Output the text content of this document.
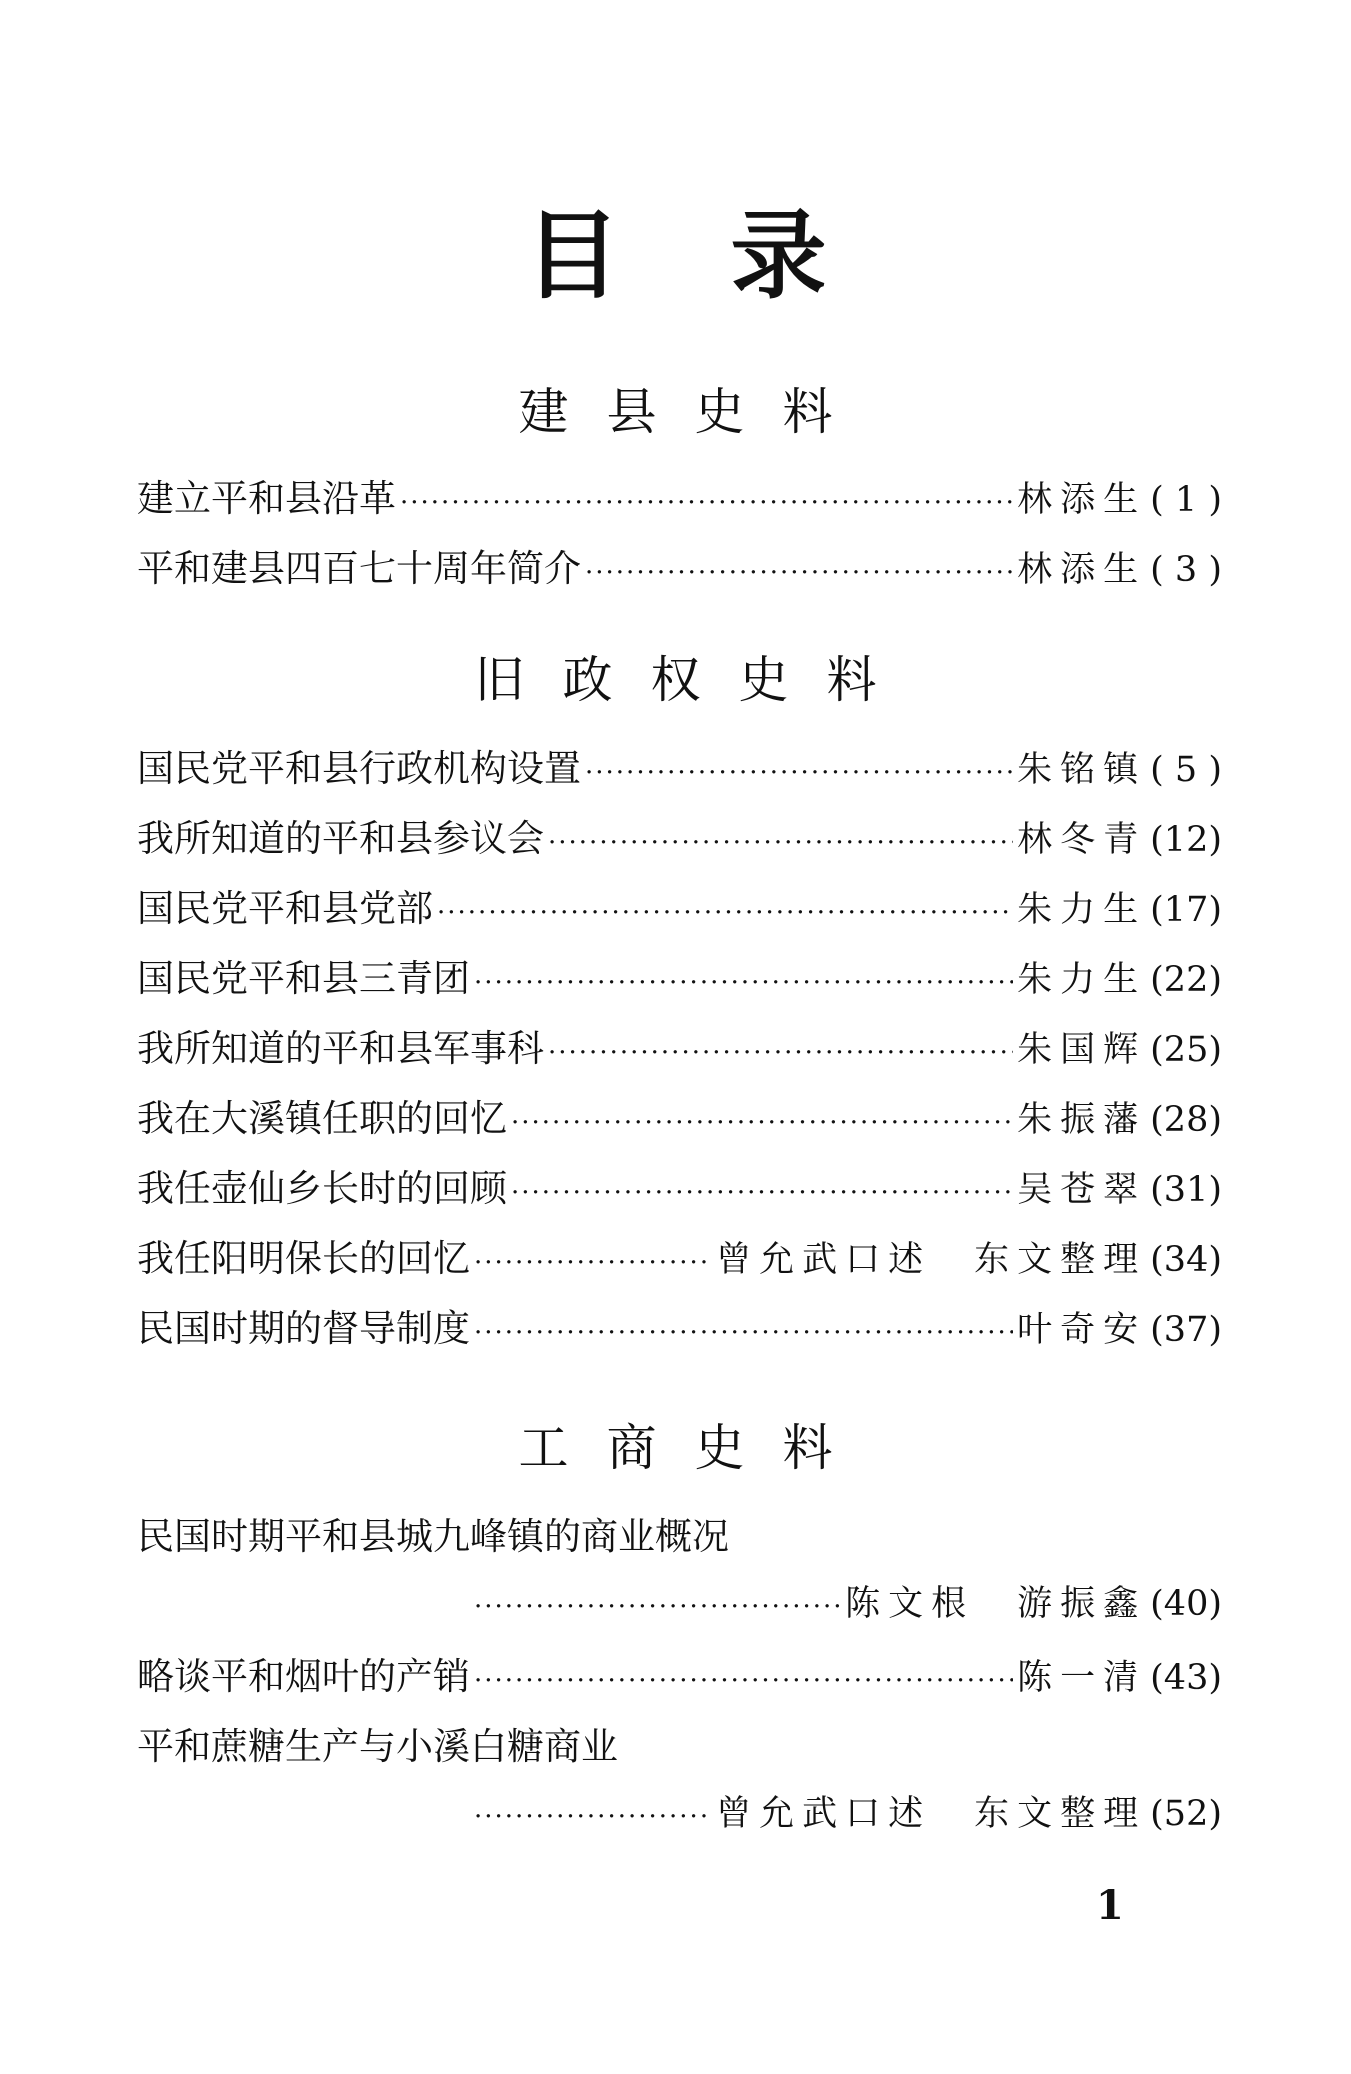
目录
建县史料
建立平和县沿革 ·····	林添生 ( 1 )
平和建县四百七十周年简介 ·····	林添生 ( 3 )
旧政权史料
国民党平和县行政机构设置 ·····	朱铭镇 ( 5 )
我所知道的平和县参议会 ·····	林冬青 (12)
国民党平和县党部 ·····	朱力生 (17)
国民党平和县三青团 ·····	朱力生 (22)
我所知道的平和县军事科 ·····	朱国辉 (25)
我在大溪镇任职的回忆 ·····	朱振藩 (28)
我任壶仙乡长时的回顾 ·····	吴苍翠 (31)
我任阳明保长的回忆 ·····	曾允武口述　东文整理 (34)
民国时期的督导制度 ·····	叶奇安 (37)
工商史料
民国时期平和县城九峰镇的商业概况
·····
陈文根　游振鑫 (40)
略谈平和烟叶的产销 ·····	陈一清 (43)
平和蔗糖生产与小溪白糖商业
·····
曾允武口述　东文整理 (52)
1
